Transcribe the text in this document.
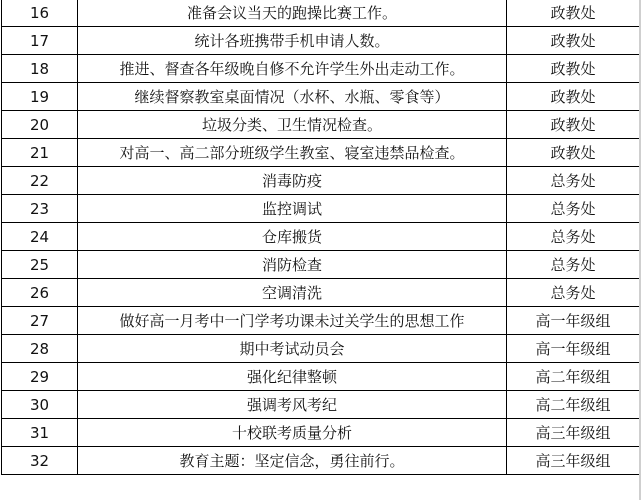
16	准备会议当天的跑操比赛工作。	政教处
17	统计各班携带手机申请人数。	政教处
18	推进、督查各年级晚自修不允许学生外出走动工作。	政教处
19	继续督察教室桌面情况（水杯、水瓶、零食等）	政教处
20	垃圾分类、卫生情况检查。	政教处
21	对高一、高二部分班级学生教室、寝室违禁品检查。	政教处
22	消毒防疫	总务处
23	监控调试	总务处
24	仓库搬货	总务处
25	消防检查	总务处
26	空调清洗	总务处
27	做好高一月考中一门学考功课未过关学生的思想工作	高一年级组
28	期中考试动员会	高一年级组
29	强化纪律整顿	高二年级组
30	强调考风考纪	高二年级组
31	十校联考质量分析	高三年级组
32	教育主题：坚定信念，勇往前行。	高三年级组
